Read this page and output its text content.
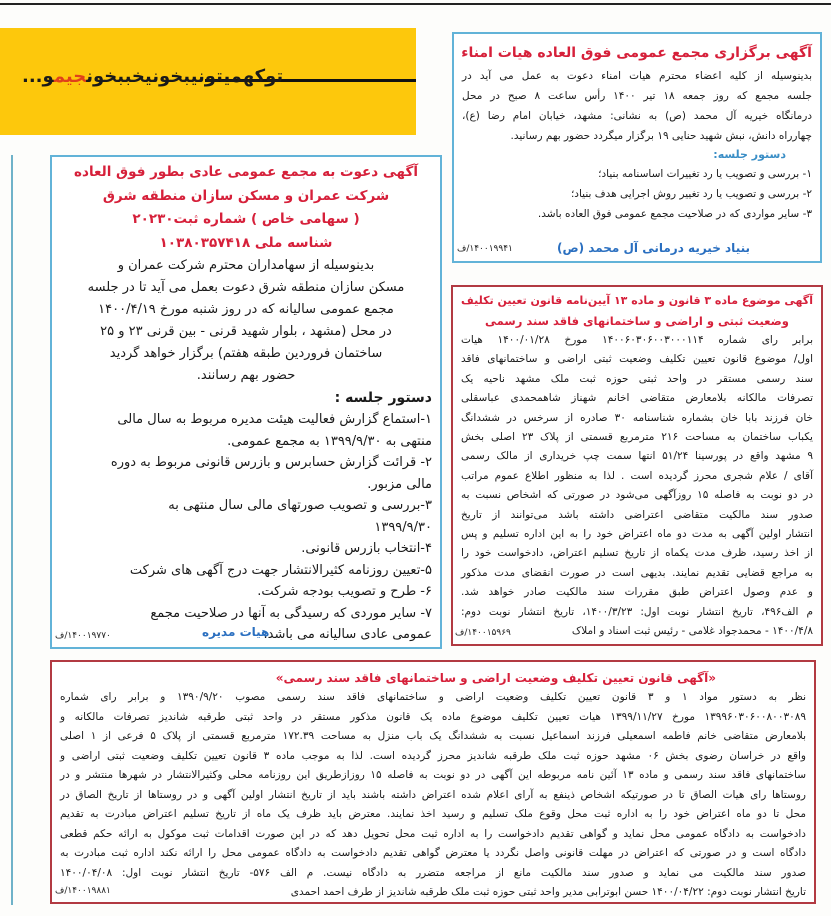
توکهمیتونیبخونیخببخونجیمو...
آگهی برگزاری مجمع عمومی فوق العاده هیات امناء
بدینوسیله از کلیه اعضاء محترم هیات امناء دعوت به عمل می آید در
جلسه مجمع که روز جمعه ۱۸ تیر ۱۴۰۰ رأس ساعت ۸ صبح در محل
درمانگاه خیریه آل محمد (ص) به نشانی: مشهد، خیابان امام رضا (ع)،
چهارراه دانش، نبش شهید حنایی ۱۹ برگزار میگردد حضور بهم رسانید.
دستور جلسه:
۱- بررسی و تصویب یا رد تغییرات اساسنامه بنیاد؛
۲- بررسی و تصویب یا رد تغییر روش اجرایی هدف بنیاد؛
۳- سایر مواردی که در صلاحیت مجمع عمومی فوق العاده باشد.
بنیاد خیریه درمانی آل محمد (ص)
۱۴۰۰۱۹۹۴۱/ف
آگهی دعوت به مجمع عمومی عادی بطور فوق العاده
شرکت عمران و مسکن سازان منطقه شرق
( سهامی خاص ) شماره ثبت۲۰۲۳۰
شناسه ملی ۱۰۳۸۰۳۵۷۴۱۸
بدینوسیله از سهامداران محترم شرکت عمران و
مسکن سازان منطقه شرق دعوت بعمل می آید تا در جلسه
مجمع عمومی سالیانه که در روز شنبه مورخ ۱۴۰۰/۴/۱۹
در محل (مشهد ، بلوار شهید قرنی - بین قرنی ۲۳ و ۲۵
ساختمان فروردین طبقه هفتم) برگزار خواهد گردید
حضور بهم رسانند.
دستور جلسه :
۱-استماع گزارش فعالیت هیئت مدیره مربوط به سال مالی
منتهی به ۱۳۹۹/۹/۳۰ به مجمع عمومی.
۲- قرائت گزارش حسابرس و بازرس قانونی مربوط به دوره
مالی مزبور.
۳-بررسی و تصویب صورتهای مالی سال منتهی به
۱۳۹۹/۹/۳۰
۴-انتخاب بازرس قانونی.
۵-تعیین روزنامه کثیرالانتشار جهت درج آگهی های شرکت
۶- طرح و تصویب بودجه شرکت.
۷- سایر موردی که رسیدگی به آنها در صلاحیت مجمع
عمومی عادی سالیانه می باشد.
هیات مدیره
۱۴۰۰۱۹۷۷۰/ف
آگهی موضوع ماده ۳ قانون و ماده ۱۳ آیین‌نامه قانون تعیین تکلیف
وضعیت ثبتی و اراضی و ساختمانهای فاقد سند رسمی
برابر رای شماره ۱۴۰۰۶۰۳۰۶۰۰۳۰۰۰۱۱۴ مورخ ۱۴۰۰/۰۱/۲۸ هیات
اول/ موضوع قانون تعیین تکلیف وضعیت ثبتی اراضی و ساختمانهای فاقد
سند رسمی مستقر در واحد ثبتی حوزه ثبت ملک مشهد ناحیه یک
تصرفات مالکانه بلامعارض متقاضی اخانم شهناز شاهمحمدی عباسقلی
خان فرزند بابا خان بشماره شناسنامه ۳۰ صادره از سرخس در ششدانگ
یکباب ساختمان به مساحت ۲۱۶ مترمربع قسمتی از پلاک ۲۳ اصلی بخش
۹ مشهد واقع در پورسینا ۵۱/۲۴ انتها سمت چپ خریداری از مالک رسمی
آقای / علام شجری محرز گردیده است . لذا به منظور اطلاع عموم مراتب
در دو نوبت به فاصله ۱۵ روزآگهی می‌شود در صورتی که اشخاص نسبت به
صدور سند مالکیت متقاضی اعتراضی داشته باشد می‌توانند از تاریخ
انتشار اولین آگهی به مدت دو ماه اعتراض خود را به این اداره تسلیم و پس
از اخذ رسید، ظرف مدت یکماه از تاریخ تسلیم اعتراض، دادخواست خود را
به مراجع قضایی تقدیم نمایند. بدیهی است در صورت انقضای مدت مذکور
و عدم وصول اعتراض طبق مقررات سند مالکیت صادر خواهد شد.
م الف۴۹۶، تاریخ انتشار نوبت اول: ۱۴۰۰/۳/۲۳، تاریخ انتشار نوبت دوم:
۱۴۰۰/۴/۸ - محمدجواد غلامی - رئیس ثبت اسناد و املاک
۱۴۰۰۱۵۹۶۹/ف
«آگهی قانون تعیین تکلیف وضعیت اراضی و ساختمانهای فاقد سند رسمی»
نظر به دستور مواد ۱ و ۳ قانون تعیین تکلیف وضعیت اراضی و ساختمانهای فاقد سند رسمی مصوب ۱۳۹۰/۹/۲۰ و برابر رای شماره
۱۳۹۹۶۰۳۰۶۰۰۸۰۰۳۰۸۹ مورخ ۱۳۹۹/۱۱/۲۷ هیات تعیین تکلیف موضوع ماده یک قانون مذکور مستقر در واحد ثبتی طرقبه شاندیز تصرفات مالکانه و
بلامعارض متقاضی خانم فاطمه اسمعیلی فرزند اسماعیل نسبت به ششدانگ یک باب منزل به مساحت ۱۷۲.۳۹ مترمربع قسمتی از پلاک ۵ فرعی از ۱ اصلی
واقع در خراسان رضوی بخش ۰۶ مشهد حوزه ثبت ملک طرقبه شاندیز محرز گردیده است. لذا به موجب ماده ۳ قانون تعیین تکلیف وضعیت ثبتی اراضی و
ساختمانهای فاقد سند رسمی و ماده ۱۳ آئین نامه مربوطه این آگهی در دو نوبت به فاصله ۱۵ روزازطریق این روزنامه محلی وکثیرالانتشار در شهرها منتشر و در
روستاها رای هیات الصاق تا در صورتیکه اشخاص ذینفع به آرای اعلام شده اعتراض داشته باشند باید از تاریخ انتشار اولین آگهی و در روستاها از تاریخ الصاق در
محل تا دو ماه اعتراض خود را به اداره ثبت محل وقوع ملک تسلیم و رسید اخذ نمایند. معترض باید ظرف یک ماه از تاریخ تسلیم اعتراض مبادرت به تقدیم
دادخواست به دادگاه عمومی محل نماید و گواهی تقدیم دادخواست را به اداره ثبت محل تحویل دهد که در این صورت اقدامات ثبت موکول به ارائه حکم قطعی
دادگاه است و در صورتی که اعتراض در مهلت قانونی واصل نگردد یا معترض گواهی تقدیم دادخواست به دادگاه عمومی محل را ارائه نکند اداره ثبت مبادرت به
صدور سند مالکیت می نماید و صدور سند مالکیت مانع از مراجعه متضرر به دادگاه نیست. م الف ۵۷۶- تاریخ انتشار نوبت اول: ۱۴۰۰/۰۴/۰۸
تاریخ انتشار نوبت دوم: ۱۴۰۰/۰۴/۲۲ حسن ابوترابی مدیر واحد ثبتی حوزه ثبت ملک طرقبه شاندیز از طرف احمد احمدی
۱۴۰۰۱۹۸۸۱/ف
